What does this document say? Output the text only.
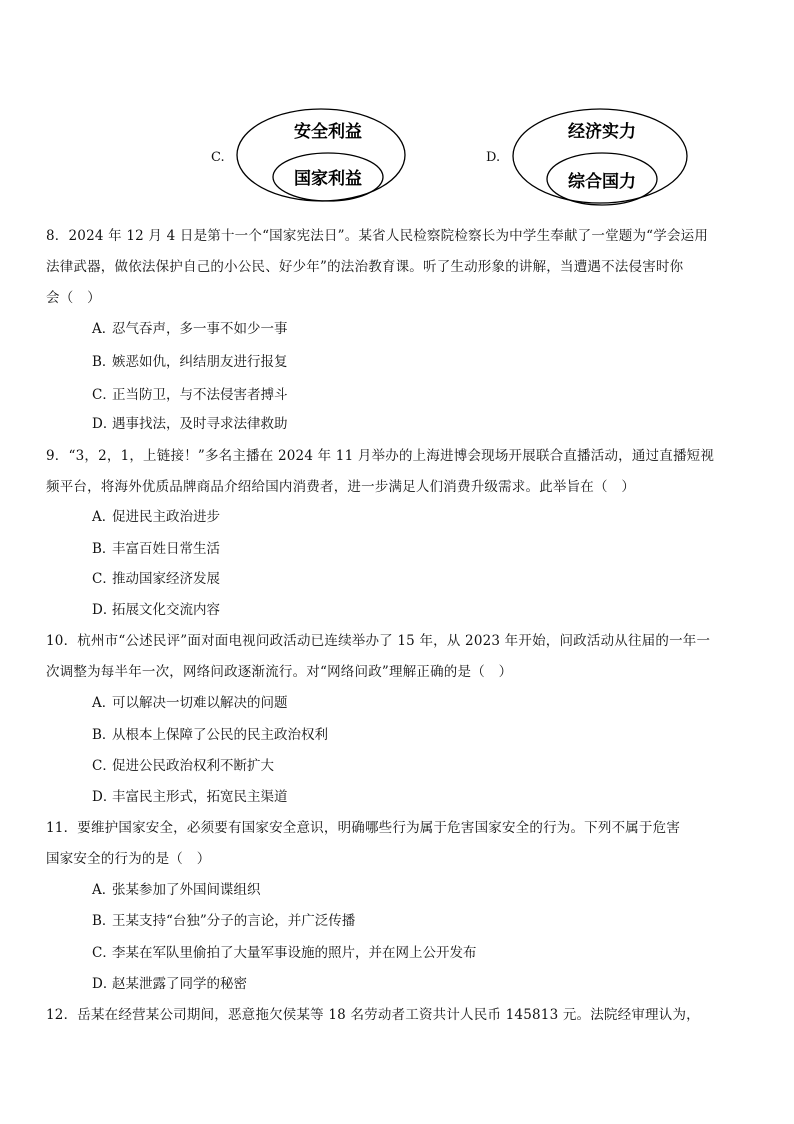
C.
安全利益
国家利益
D.
经济实力
综合国力
8．2024 年 12 月 4 日是第十一个“国家宪法日”。某省人民检察院检察长为中学生奉献了一堂题为“学会运用
法律武器，做依法保护自己的小公民、好少年”的法治教育课。听了生动形象的讲解，当遭遇不法侵害时你
会（　）
A．忍气吞声，多一事不如少一事
B．嫉恶如仇，纠结朋友进行报复
C．正当防卫，与不法侵害者搏斗
D．遇事找法，及时寻求法律救助
9．“3，2，1，上链接！”多名主播在 2024 年 11 月举办的上海进博会现场开展联合直播活动，通过直播短视
频平台，将海外优质品牌商品介绍给国内消费者，进一步满足人们消费升级需求。此举旨在（　）
A．促进民主政治进步
B．丰富百姓日常生活
C．推动国家经济发展
D．拓展文化交流内容
10．杭州市“公述民评”面对面电视问政活动已连续举办了 15 年，从 2023 年开始，问政活动从往届的一年一
次调整为每半年一次，网络问政逐渐流行。对“网络问政”理解正确的是（　）
A．可以解决一切难以解决的问题
B．从根本上保障了公民的民主政治权利
C．促进公民政治权利不断扩大
D．丰富民主形式，拓宽民主渠道
11．要维护国家安全，必须要有国家安全意识，明确哪些行为属于危害国家安全的行为。下列不属于危害
国家安全的行为的是（　）
A．张某参加了外国间谍组织
B．王某支持“台独”分子的言论，并广泛传播
C．李某在军队里偷拍了大量军事设施的照片，并在网上公开发布
D．赵某泄露了同学的秘密
12．岳某在经营某公司期间，恶意拖欠侯某等 18 名劳动者工资共计人民币 145813 元。法院经审理认为，
